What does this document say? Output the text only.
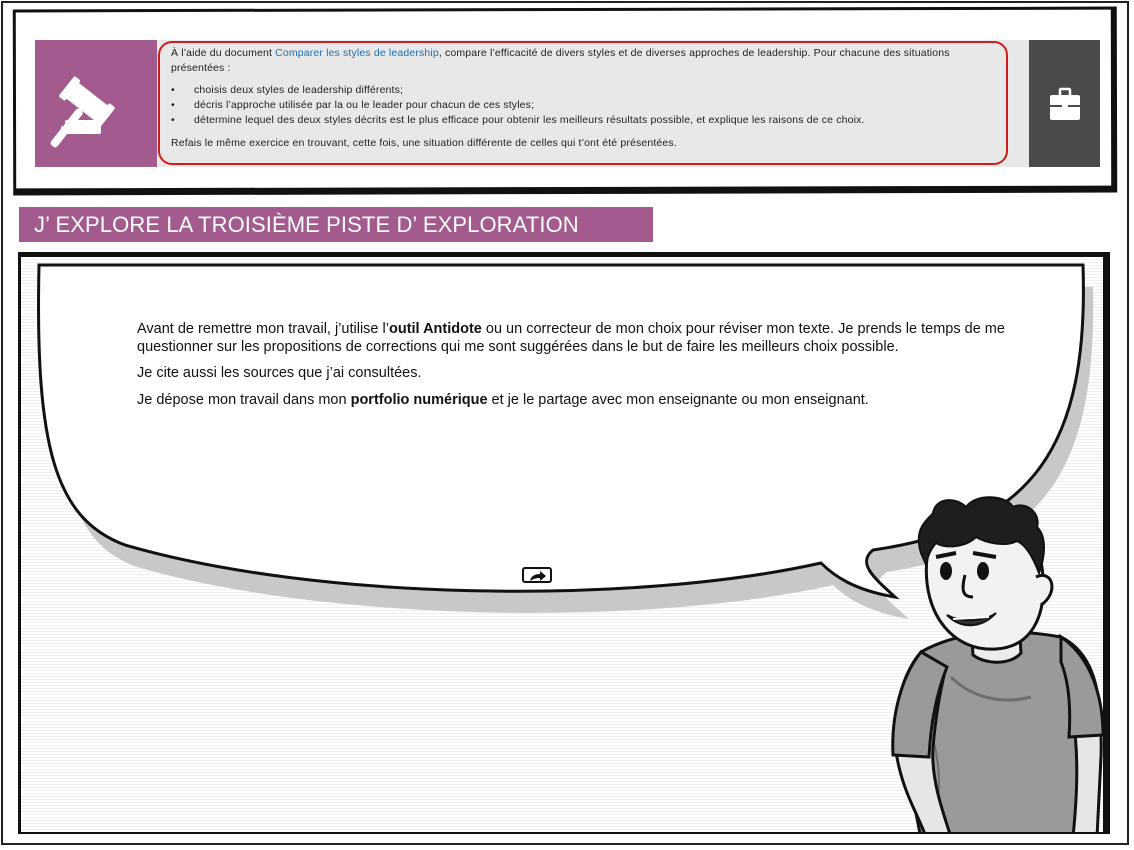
À l’aide du document Comparer les styles de leadership, compare l’efficacité de divers styles et de diverses approches de leadership. Pour chacune des situations présentées :

• choisis deux styles de leadership différents;
• décris l’approche utilisée par la ou le leader pour chacun de ces styles;
• détermine lequel des deux styles décrits est le plus efficace pour obtenir les meilleurs résultats possible, et explique les raisons de ce choix.

Refais le même exercice en trouvant, cette fois, une situation différente de celles qui t’ont été présentées.

J’ EXPLORE LA TROISIÈME PISTE D’ EXPLORATION

Avant de remettre mon travail, j’utilise l’outil Antidote ou un correcteur de mon choix pour réviser mon texte. Je prends le temps de me questionner sur les propositions de corrections qui me sont suggérées dans le but de faire les meilleurs choix possible.

Je cite aussi les sources que j’ai consultées.

Je dépose mon travail dans mon portfolio numérique et je le partage avec mon enseignante ou mon enseignant.
